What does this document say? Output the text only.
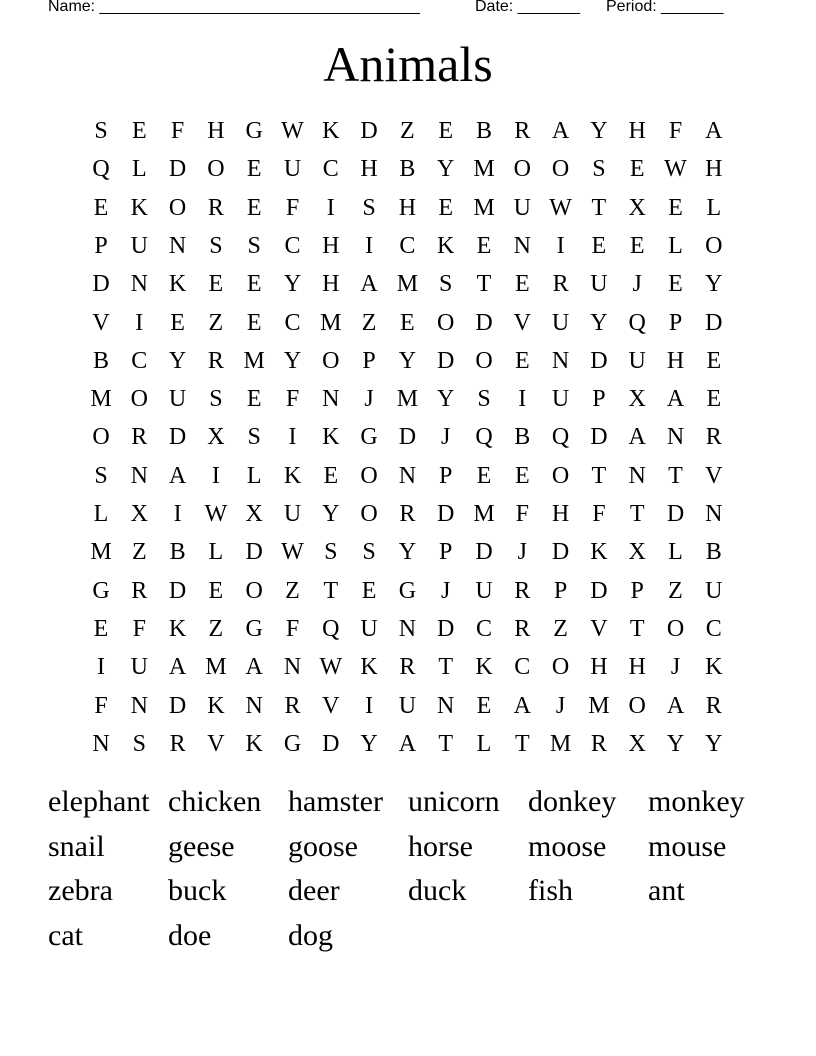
Name: ____________________________________	Date: _______ Period: _______
Animals
S	E	F H G W K D Z E B R A Y H F A
Q L D O E U C H B Y M O O S	E W H
E K O R E	F	I	S H E M U W T X E L
P U N S	S C H	I	C K E N	I	E E L O
D N K E E Y H A M S	T E R U	J	E Y
V	I	E Z E C M Z E O D V U Y Q P D
B C Y R M Y O P Y D O E N D U H E
M O U S	E	F N	J M Y S	I	U P X A E
O R D X S	I	K G D	J	Q B Q D A N R
S N A	I	L K E O N P	E E O T N T V
L X	I W X U Y O R D M F H F	T D N
M Z B L D W S	S Y P D	J	D K X L B
G R D E O Z T E G	J	U R P D P	Z U
E	F K Z G F Q U N D C R Z V T O C
I	U A M A N W K R T K C O H H	J	K
F N D K N R V	I	U N E A	J M O A R
N S R V K G D Y A T L T M R X Y Y
elephant chicken hamster unicorn donkey monkey
snail geese goose horse moose mouse
zebra buck deer duck fish	ant
cat	doe	dog
